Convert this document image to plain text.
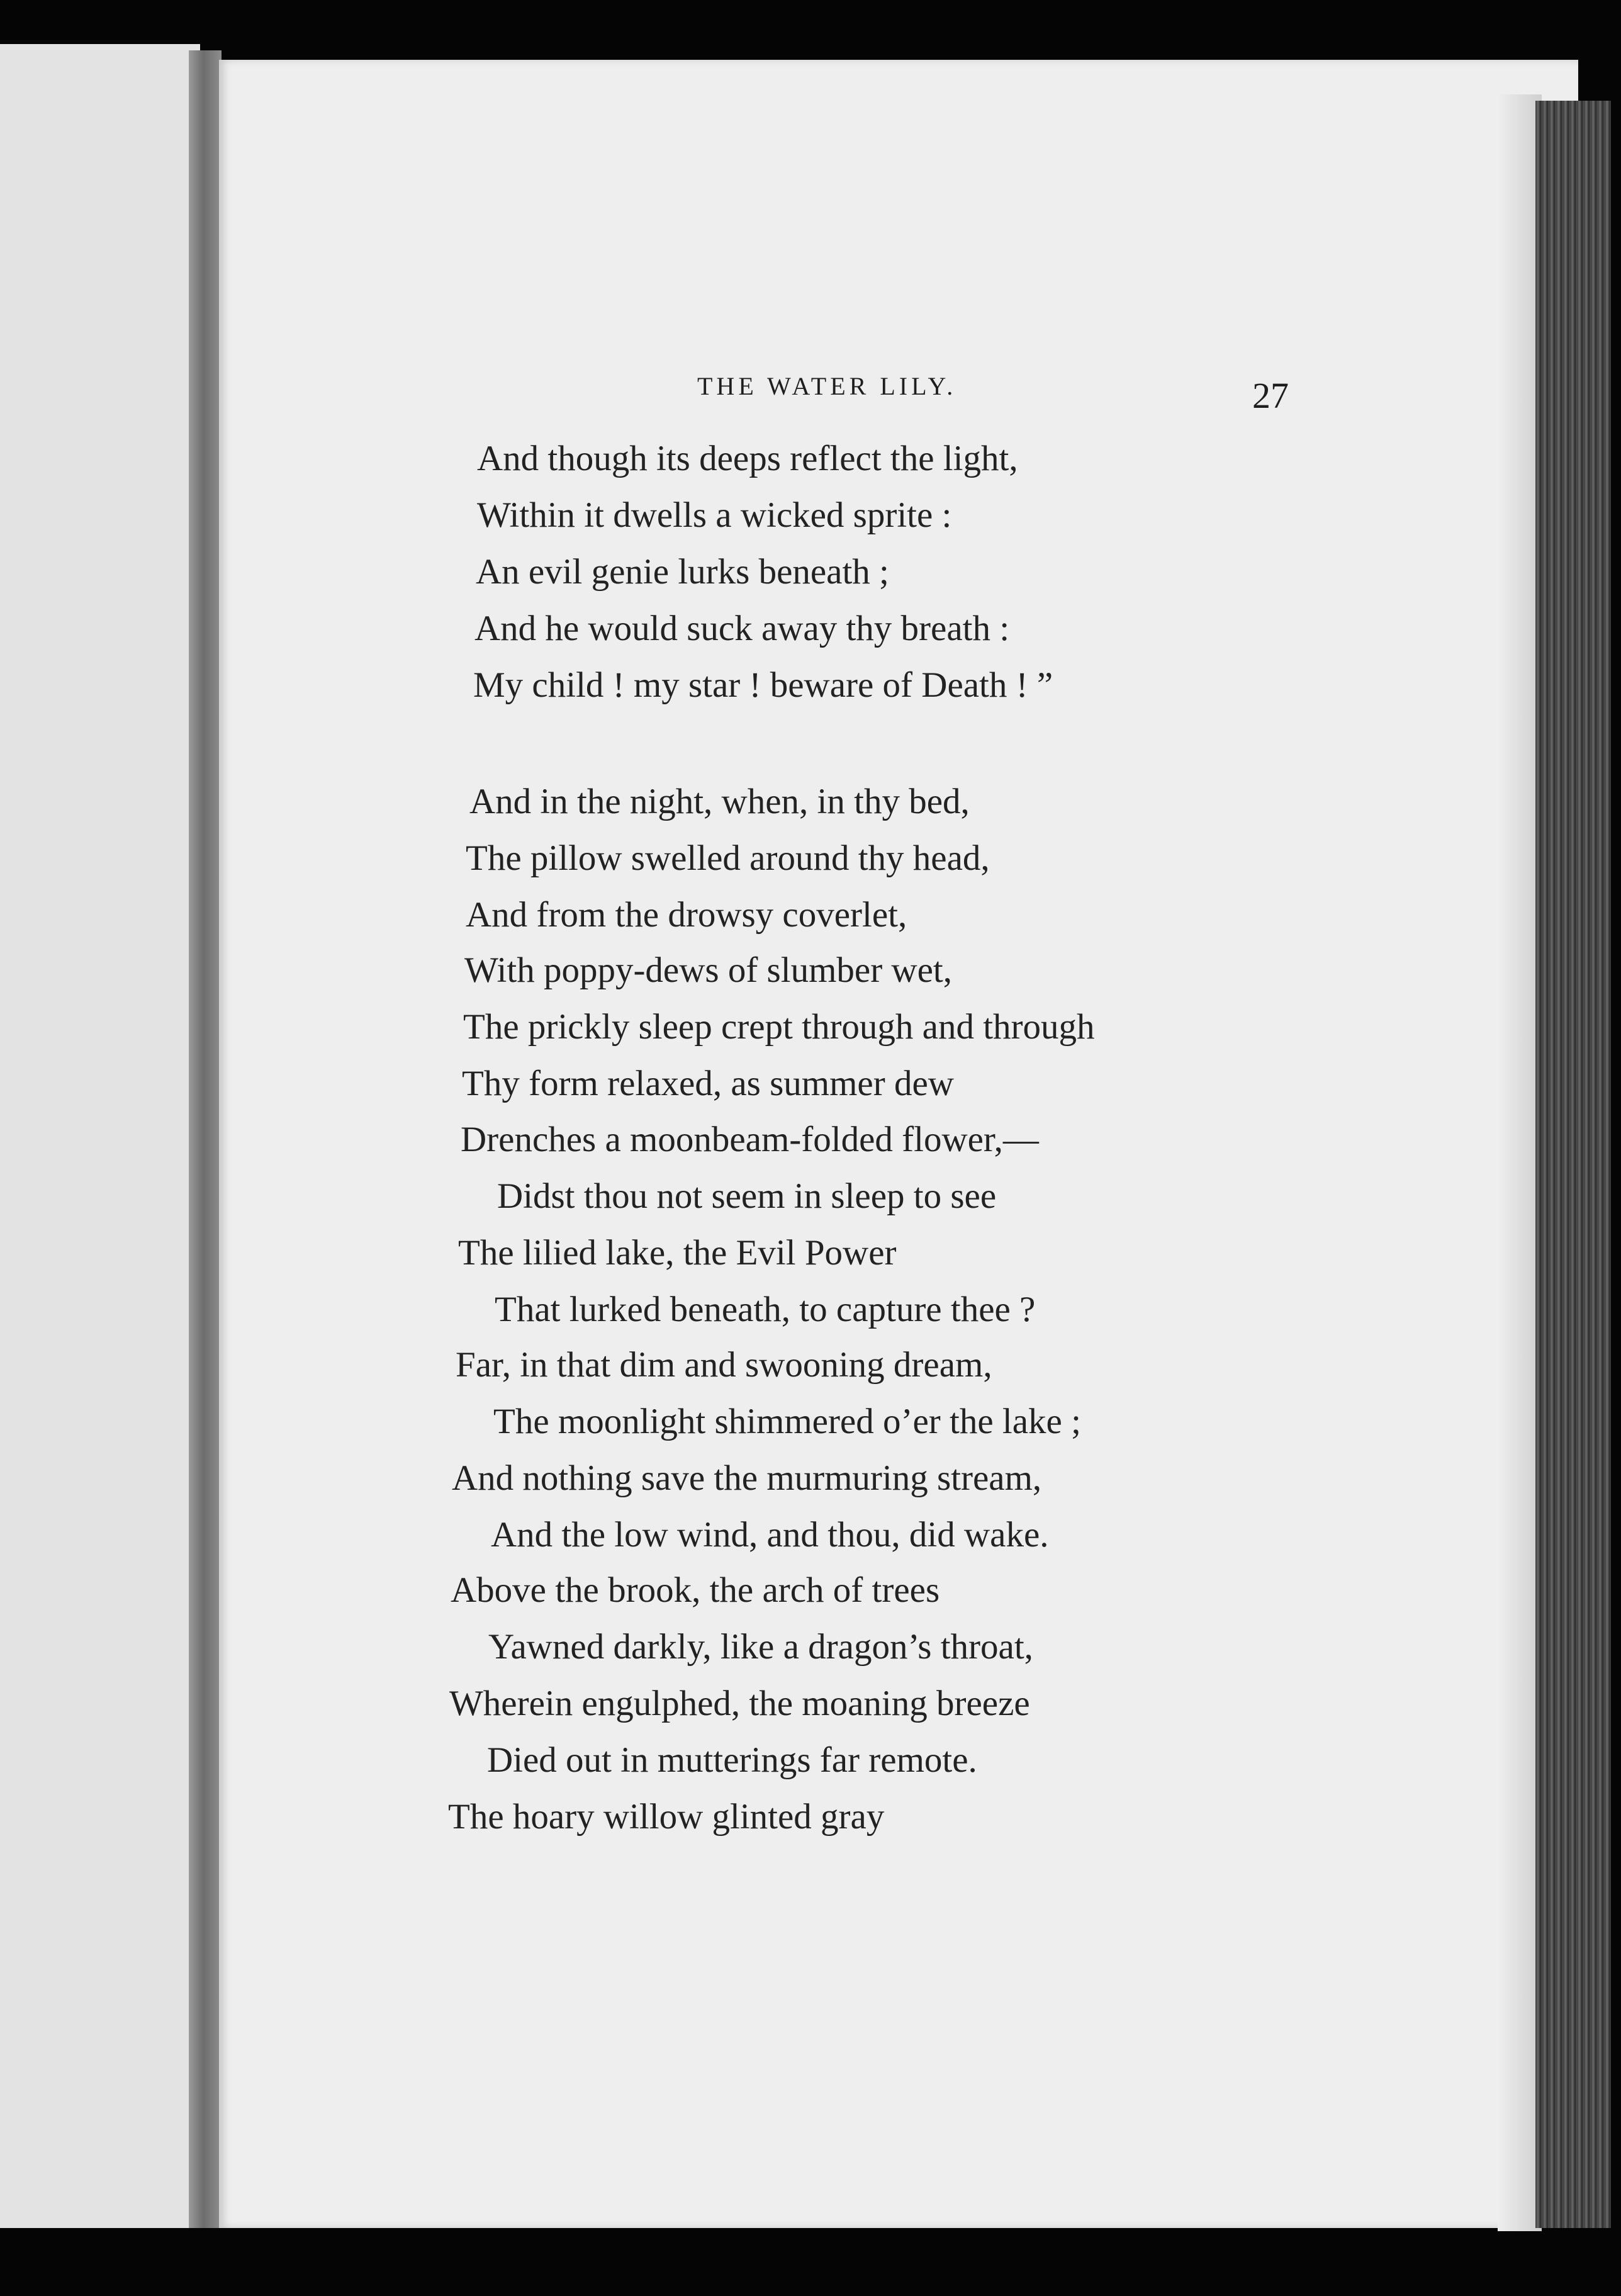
THE WATER LILY.	27
And though its deeps reflect the light,
Within it dwells a wicked sprite :
An evil genie lurks beneath ;
And he would suck away thy breath :
My child ! my star ! beware of Death ! ”
And in the night, when, in thy bed,
The pillow swelled around thy head,
And from the drowsy coverlet,
With poppy-dews of slumber wet,
The prickly sleep crept through and through
Thy form relaxed, as summer dew
Drenches a moonbeam-folded flower,—
Didst thou not seem in sleep to see
The lilied lake, the Evil Power
That lurked beneath, to capture thee ?
Far, in that dim and swooning dream,
The moonlight shimmered o’er the lake ;
And nothing save the murmuring stream,
And the low wind, and thou, did wake.
Above the brook, the arch of trees
Yawned darkly, like a dragon’s throat,
Wherein engulphed, the moaning breeze
Died out in mutterings far remote.
The hoary willow glinted gray
